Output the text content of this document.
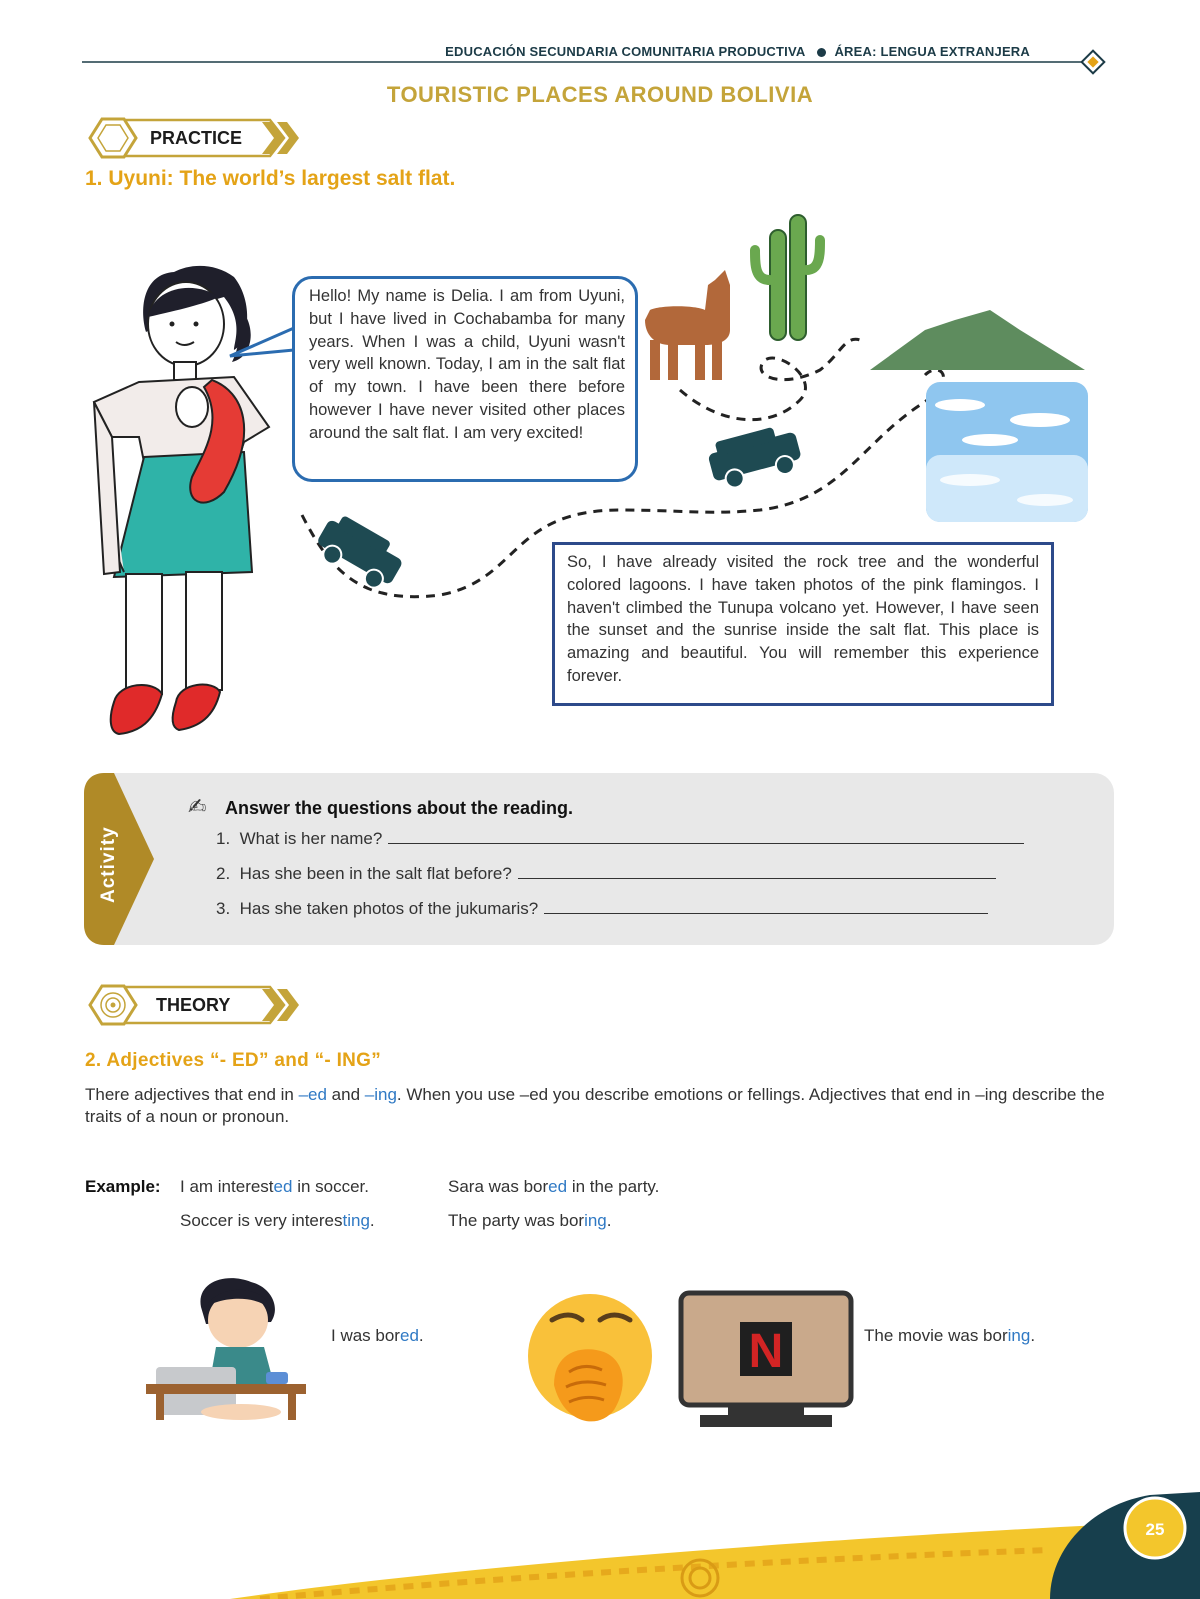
EDUCACIÓN SECUNDARIA COMUNITARIA PRODUCTIVA ÁREA: LENGUA EXTRANJERA
TOURISTIC PLACES AROUND BOLIVIA
PRACTICE
1. Uyuni: The world’s largest salt flat.
Hello! My name is Delia. I am from Uyuni, but I have lived in Cochabamba for many years. When I was a child, Uyuni wasn't very well known. Today, I am in the salt flat of my town. I have been there before however I have never visited other places around the salt flat. I am very excited!
So, I have already visited the rock tree and the wonderful colored lagoons. I have taken photos of the pink flamingos. I haven't climbed the Tunupa volcano yet. However, I have seen the sunset and the sunrise inside the salt flat. This place is amazing and beautiful. You will remember this experience forever.
Activity
✍ Answer the questions about the reading.
1. What is her name?
2. Has she been in the salt flat before?
3. Has she taken photos of the jukumaris?
THEORY
2. Adjectives “- ED” and “- ING”
There adjectives that end in –ed and –ing. When you use –ed you describe emotions or fellings. Adjectives that end in –ing describe the traits of a noun or pronoun.
Example: I am interested in soccer.	Sara was bored in the party.
Soccer is very interesting.	The party was boring.
I was bored.	N	The movie was boring.
25
